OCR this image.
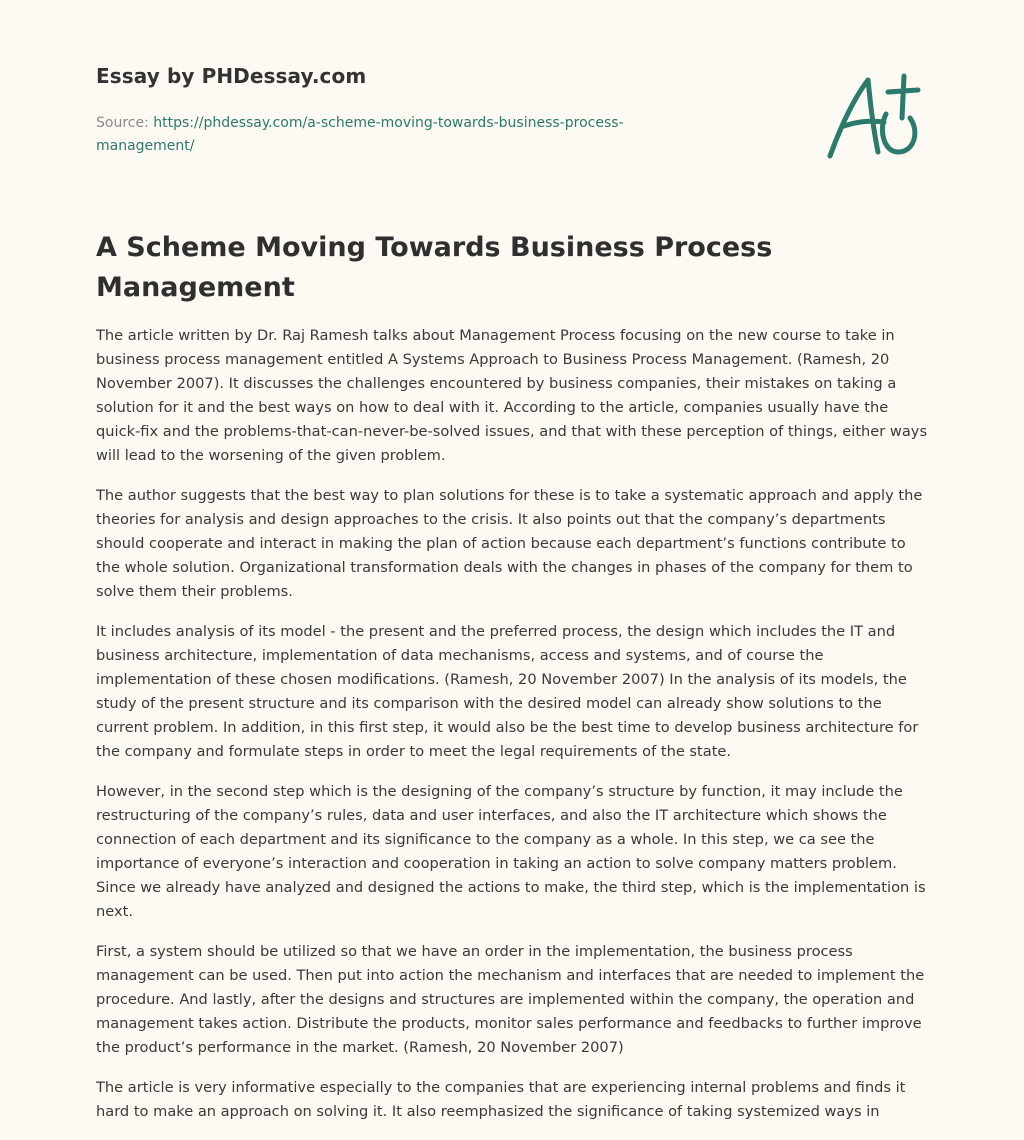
Essay by PHDessay.com
Source: https://phdessay.com/a-scheme-moving-towards-business-process-management/
A Scheme Moving Towards Business Process Management

The article written by Dr. Raj Ramesh talks about Management Process focusing on the new course to take in business process management entitled A Systems Approach to Business Process Management. (Ramesh, 20 November 2007). It discusses the challenges encountered by business companies, their mistakes on taking a solution for it and the best ways on how to deal with it. According to the article, companies usually have the quick-fix and the problems-that-can-never-be-solved issues, and that with these perception of things, either ways will lead to the worsening of the given problem.

The author suggests that the best way to plan solutions for these is to take a systematic approach and apply the theories for analysis and design approaches to the crisis. It also points out that the company’s departments should cooperate and interact in making the plan of action because each department’s functions contribute to the whole solution. Organizational transformation deals with the changes in phases of the company for them to solve them their problems.

It includes analysis of its model - the present and the preferred process, the design which includes the IT and business architecture, implementation of data mechanisms, access and systems, and of course the implementation of these chosen modifications. (Ramesh, 20 November 2007) In the analysis of its models, the study of the present structure and its comparison with the desired model can already show solutions to the current problem. In addition, in this first step, it would also be the best time to develop business architecture for the company and formulate steps in order to meet the legal requirements of the state.

However, in the second step which is the designing of the company’s structure by function, it may include the restructuring of the company’s rules, data and user interfaces, and also the IT architecture which shows the connection of each department and its significance to the company as a whole. In this step, we ca see the importance of everyone’s interaction and cooperation in taking an action to solve company matters problem. Since we already have analyzed and designed the actions to make, the third step, which is the implementation is next.

First, a system should be utilized so that we have an order in the implementation, the business process management can be used. Then put into action the mechanism and interfaces that are needed to implement the procedure. And lastly, after the designs and structures are implemented within the company, the operation and management takes action. Distribute the products, monitor sales performance and feedbacks to further improve the product’s performance in the market. (Ramesh, 20 November 2007)

The article is very informative especially to the companies that are experiencing internal problems and finds it hard to make an approach on solving it. It also reemphasized the significance of taking systemized ways in
